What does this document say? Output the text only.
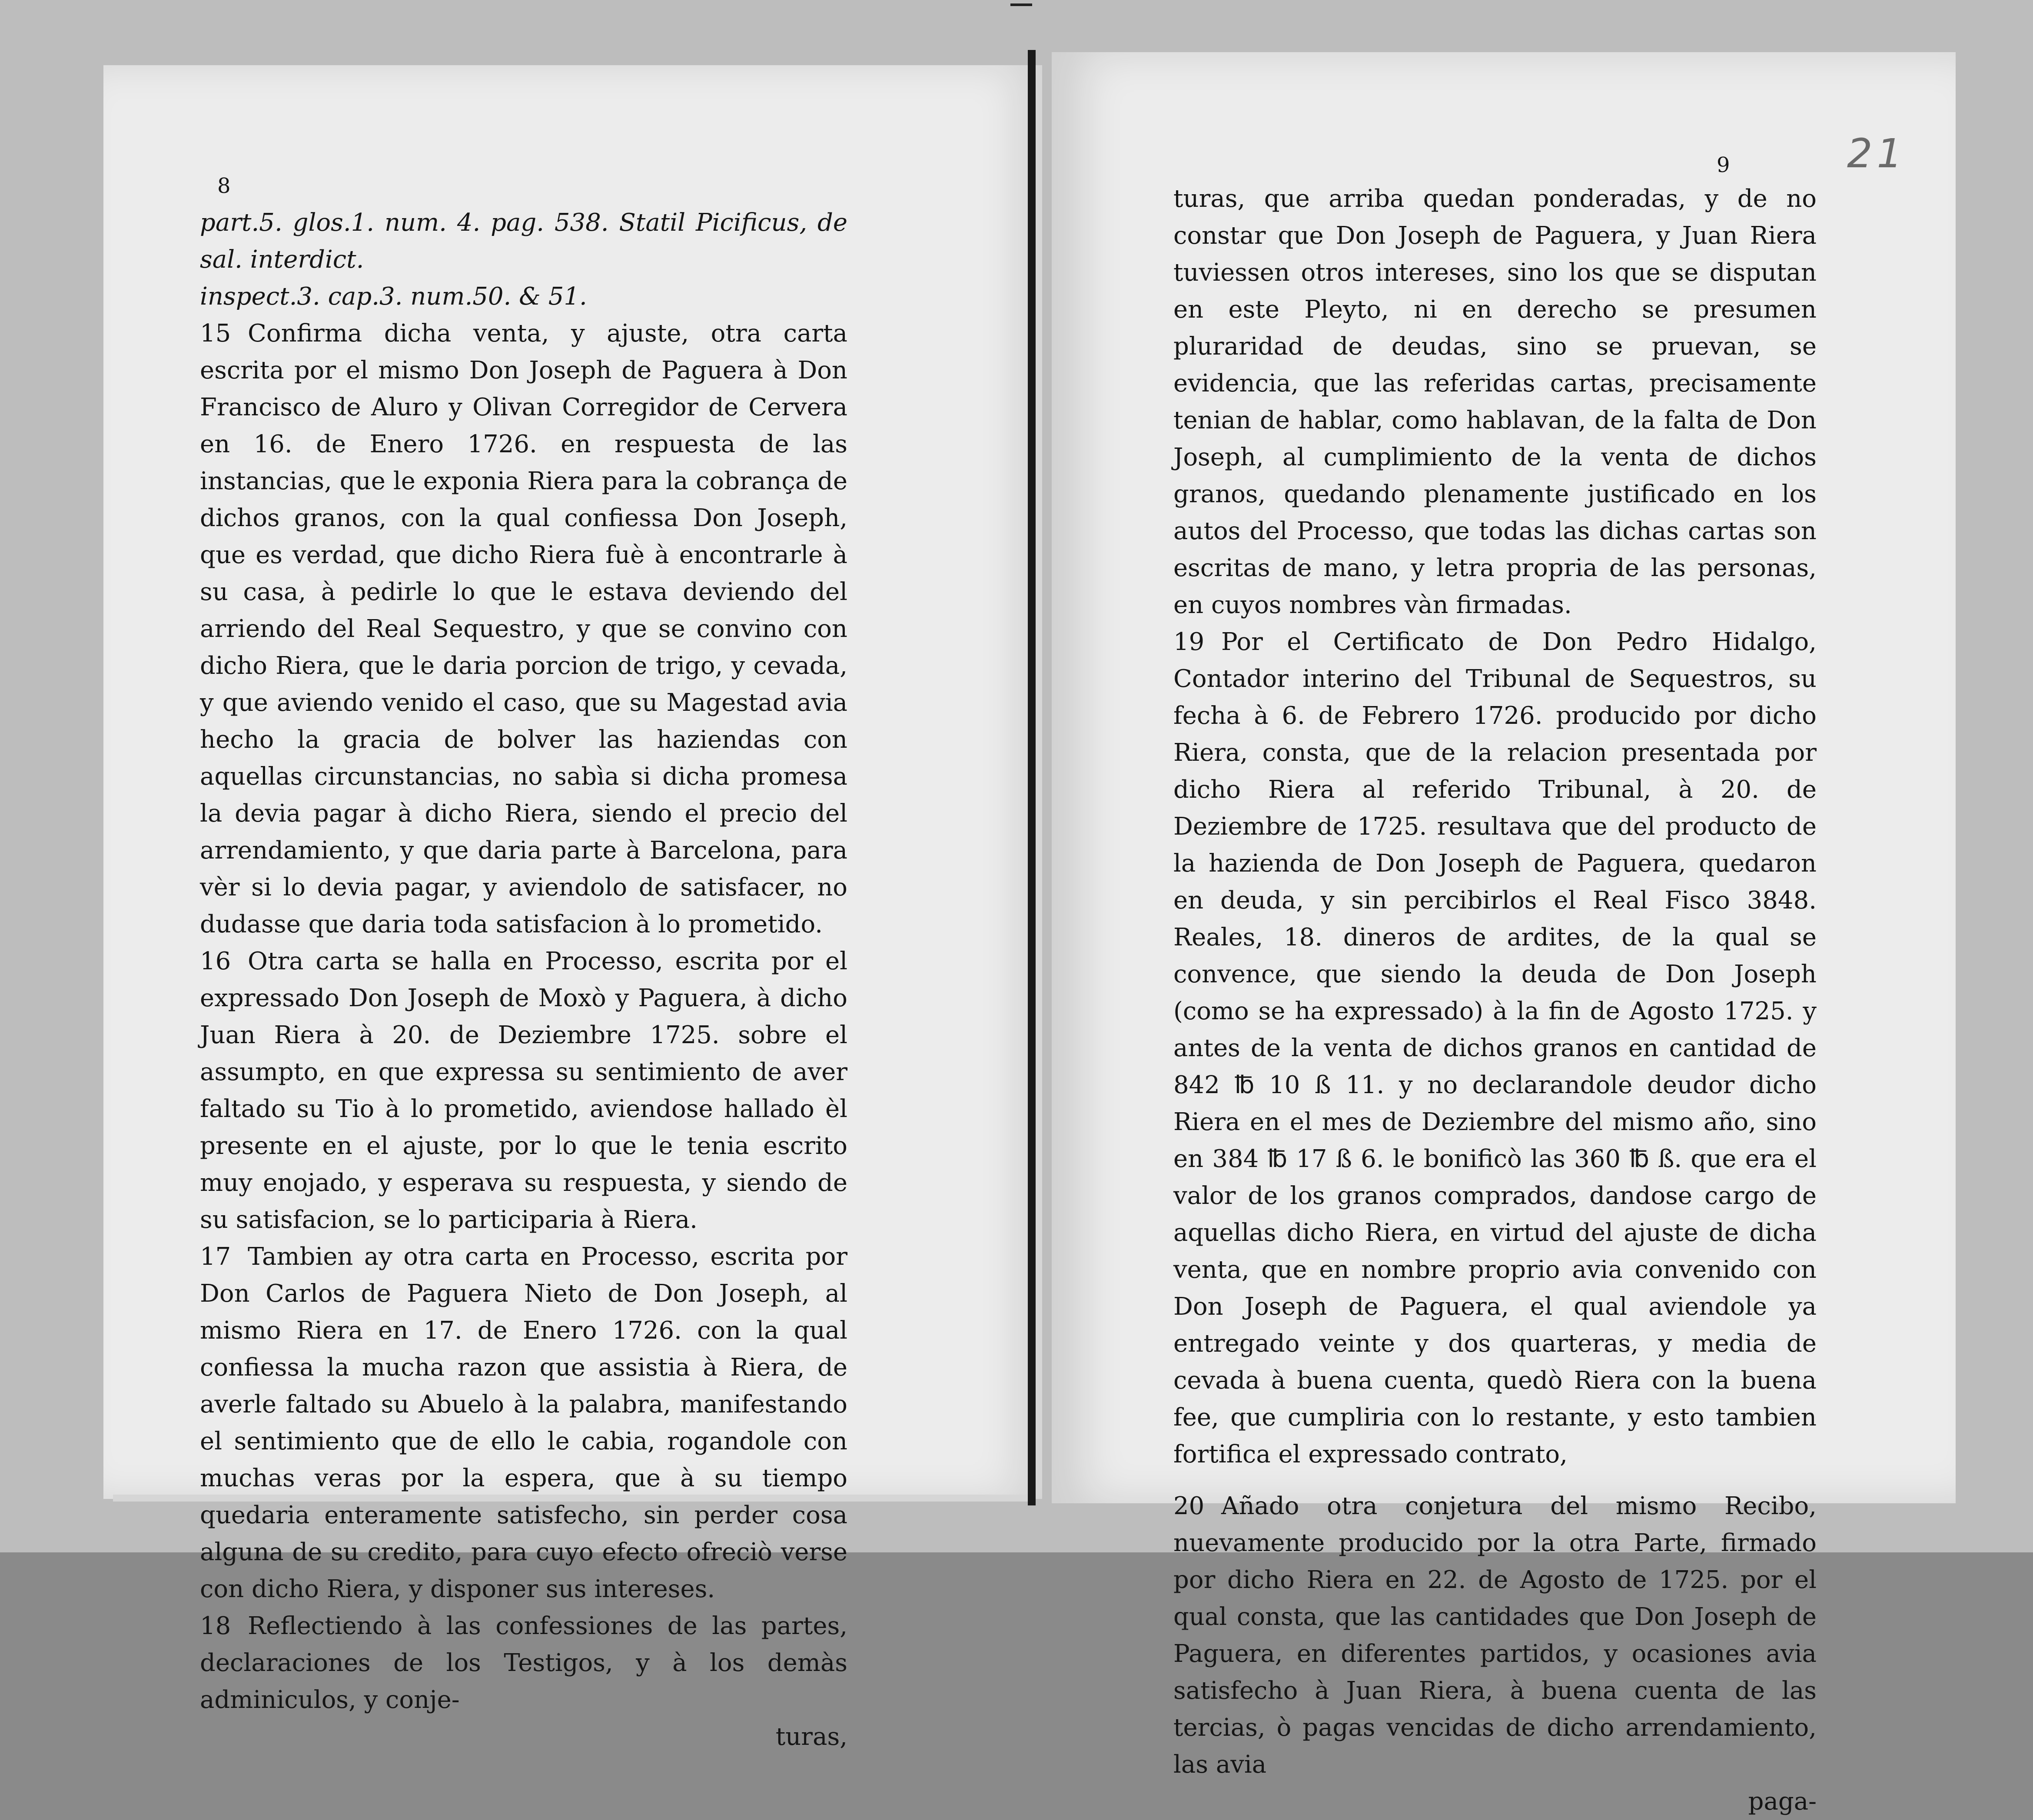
8

part.5. glos.1. num. 4. pag. 538. Statil Picificus, de sal. interdict.

inspect.3. cap.3. num.50. & 51.

15 Confirma dicha venta, y ajuste, otra carta escrita por el mismo Don Joseph de Paguera à Don Francisco de Aluro y Olivan Corregidor de Cervera en 16. de Enero 1726. en respuesta de las instancias, que le exponia Riera para la cobrança de dichos granos, con la qual confiessa Don Joseph, que es verdad, que dicho Riera fuè à encontrarle à su casa, à pedirle lo que le estava deviendo del arriendo del Real Sequestro, y que se convino con dicho Riera, que le daria porcion de trigo, y cevada, y que aviendo venido el caso, que su Magestad avia hecho la gracia de bolver las haziendas con aquellas circunstancias, no sabìa si dicha promesa la devia pagar à dicho Riera, siendo el precio del arrendamiento, y que daria parte à Barcelona, para vèr si lo devia pagar, y aviendolo de satisfacer, no dudasse que daria toda satisfacion à lo prometido.

16 Otra carta se halla en Processo, escrita por el expressado Don Joseph de Moxò y Paguera, à dicho Juan Riera à 20. de Deziembre 1725. sobre el assumpto, en que expressa su sentimiento de aver faltado su Tio à lo prometido, aviendose hallado èl presente en el ajuste, por lo que le tenia escrito muy enojado, y esperava su respuesta, y siendo de su satisfacion, se lo participaria à Riera.

17 Tambien ay otra carta en Processo, escrita por Don Carlos de Paguera Nieto de Don Joseph, al mismo Riera en 17. de Enero 1726. con la qual confiessa la mucha razon que assistia à Riera, de averle faltado su Abuelo à la palabra, manifestando el sentimiento que de ello le cabia, rogandole con muchas veras por la espera, que à su tiempo quedaria enteramente satisfecho, sin perder cosa alguna de su credito, para cuyo efecto ofreciò verse con dicho Riera, y disponer sus intereses.

18 Reflectiendo à las confessiones de las partes, declaraciones de los Testigos, y à los demàs adminiculos, y conje-

turas,
9	21

turas, que arriba quedan ponderadas, y de no constar que Don Joseph de Paguera, y Juan Riera tuviessen otros intereses, sino los que se disputan en este Pleyto, ni en derecho se presumen pluraridad de deudas, sino se pruevan, se evidencia, que las referidas cartas, precisamente tenian de hablar, como hablavan, de la falta de Don Joseph, al cumplimiento de la venta de dichos granos, quedando plenamente justificado en los autos del Processo, que todas las dichas cartas son escritas de mano, y letra propria de las personas, en cuyos nombres vàn firmadas.

19 Por el Certificato de Don Pedro Hidalgo, Contador interino del Tribunal de Sequestros, su fecha à 6. de Febrero 1726. producido por dicho Riera, consta, que de la relacion presentada por dicho Riera al referido Tribunal, à 20. de Deziembre de 1725. resultava que del producto de la hazienda de Don Joseph de Paguera, quedaron en deuda, y sin percibirlos el Real Fisco 3848. Reales, 18. dineros de ardites, de la qual se convence, que siendo la deuda de Don Joseph (como se ha expressado) à la fin de Agosto 1725. y antes de la venta de dichos granos en cantidad de 842 ℔ 10 ß 11. y no declarandole deudor dicho Riera en el mes de Deziembre del mismo año, sino en 384 ℔ 17 ß 6. le bonificò las 360 ℔ ß. que era el valor de los granos comprados, dandose cargo de aquellas dicho Riera, en virtud del ajuste de dicha venta, que en nombre proprio avia convenido con Don Joseph de Paguera, el qual aviendole ya entregado veinte y dos quarteras, y media de cevada à buena cuenta, quedò Riera con la buena fee, que cumpliria con lo restante, y esto tambien fortifica el expressado contrato,

20 Añado otra conjetura del mismo Recibo, nuevamente producido por la otra Parte, firmado por dicho Riera en 22. de Agosto de 1725. por el qual consta, que las cantidades que Don Joseph de Paguera, en diferentes partidos, y ocasiones avia satisfecho à Juan Riera, à buena cuenta de las tercias, ò pagas vencidas de dicho arrendamiento, las avia

paga-
